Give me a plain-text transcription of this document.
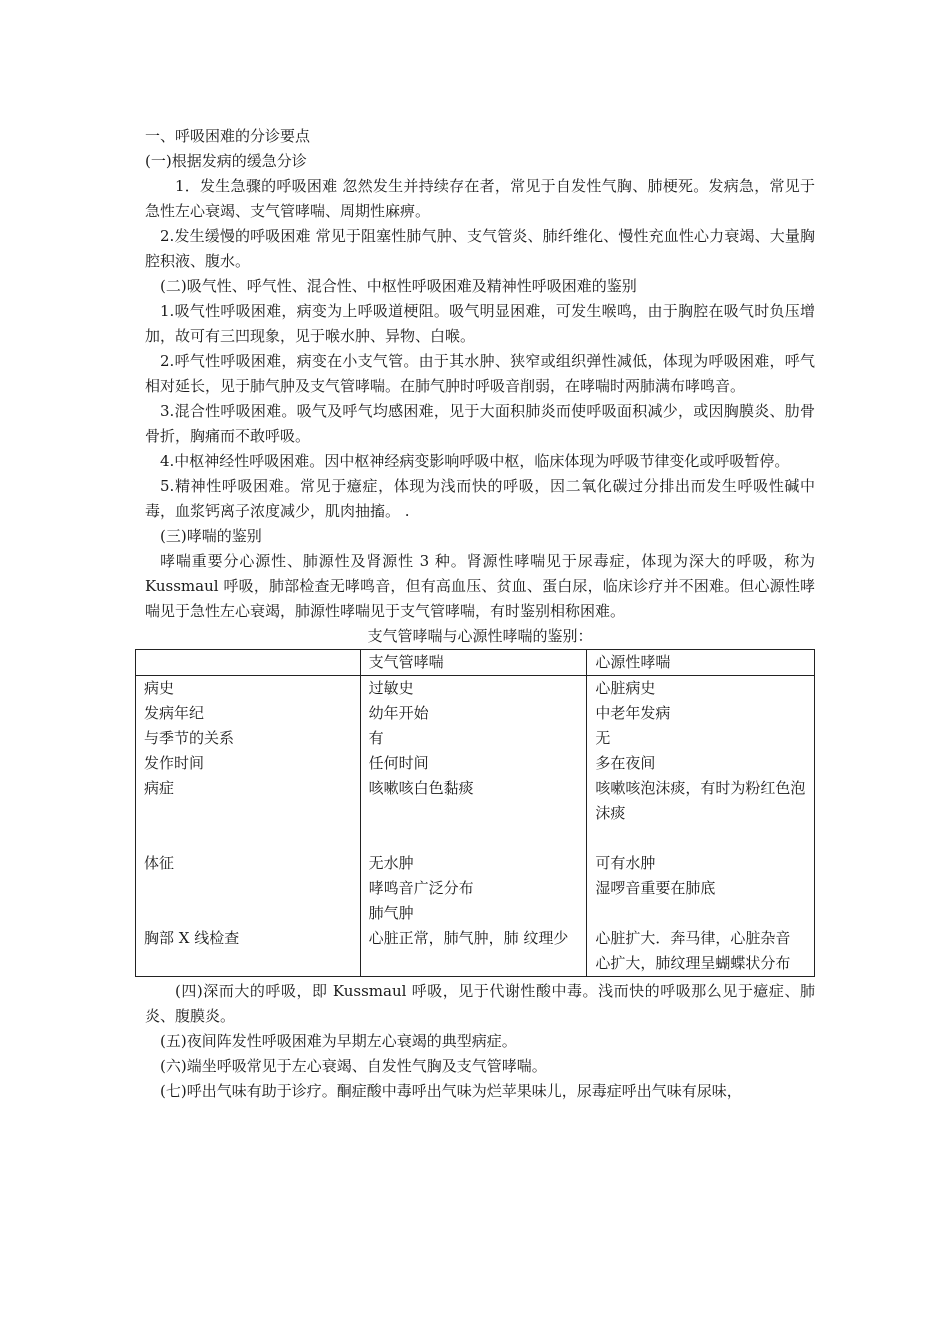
一、呼吸困难的分诊要点

(一)根据发病的缓急分诊

1．发生急骤的呼吸困难 忽然发生并持续存在者，常见于自发性气胸、肺梗死。发病急，常见于急性左心衰竭、支气管哮喘、周期性麻痹。

2.发生缓慢的呼吸困难 常见于阻塞性肺气肿、支气管炎、肺纤维化、慢性充血性心力衰竭、大量胸腔积液、腹水。

(二)吸气性、呼气性、混合性、中枢性呼吸困难及精神性呼吸困难的鉴别

1.吸气性呼吸困难，病变为上呼吸道梗阻。吸气明显困难，可发生喉鸣，由于胸腔在吸气时负压增加，故可有三凹现象，见于喉水肿、异物、白喉。

2.呼气性呼吸困难，病变在小支气管。由于其水肿、狭窄或组织弹性减低，体现为呼吸困难，呼气相对延长，见于肺气肿及支气管哮喘。在肺气肿时呼吸音削弱，在哮喘时两肺满布哮鸣音。

3.混合性呼吸困难。吸气及呼气均感困难，见于大面积肺炎而使呼吸面积减少，或因胸膜炎、肋骨骨折，胸痛而不敢呼吸。

4.中枢神经性呼吸困难。因中枢神经病变影响呼吸中枢，临床体现为呼吸节律变化或呼吸暂停。

5.精神性呼吸困难。常见于癔症，体现为浅而快的呼吸，因二氧化碳过分排出而发生呼吸性碱中毒，血浆钙离子浓度减少，肌肉抽搐。 .

(三)哮喘的鉴别

哮喘重要分心源性、肺源性及肾源性 3 种。肾源性哮喘见于尿毒症，体现为深大的呼吸，称为 Kussmaul 呼吸，肺部检查无哮鸣音，但有高血压、贫血、蛋白尿，临床诊疗并不困难。但心源性哮喘见于急性左心衰竭，肺源性哮喘见于支气管哮喘，有时鉴别相称困难。

支气管哮喘与心源性哮喘的鉴别：

	支气管哮喘	心源性哮喘
病史	过敏史	心脏病史
发病年纪	幼年开始	中老年发病
与季节的关系	有	无
发作时间	任何时间	多在夜间
病症	咳嗽咳白色黏痰	咳嗽咳泡沫痰，有时为粉红色泡沫痰
体征	无水肿	可有水肿
	哮鸣音广泛分布	湿啰音重要在肺底
	肺气肿	
胸部 X 线检查	心脏正常，肺气肿，肺 纹理少	心脏扩大．奔马律，心脏杂音
		心扩大，肺纹理呈蝴蝶状分布

(四)深而大的呼吸，即 Kussmaul 呼吸，见于代谢性酸中毒。浅而快的呼吸那么见于癔症、肺炎、腹膜炎。

(五)夜间阵发性呼吸困难为早期左心衰竭的典型病症。

(六)端坐呼吸常见于左心衰竭、自发性气胸及支气管哮喘。

(七)呼出气味有助于诊疗。酮症酸中毒呼出气味为烂苹果味儿，尿毒症呼出气味有尿味，
